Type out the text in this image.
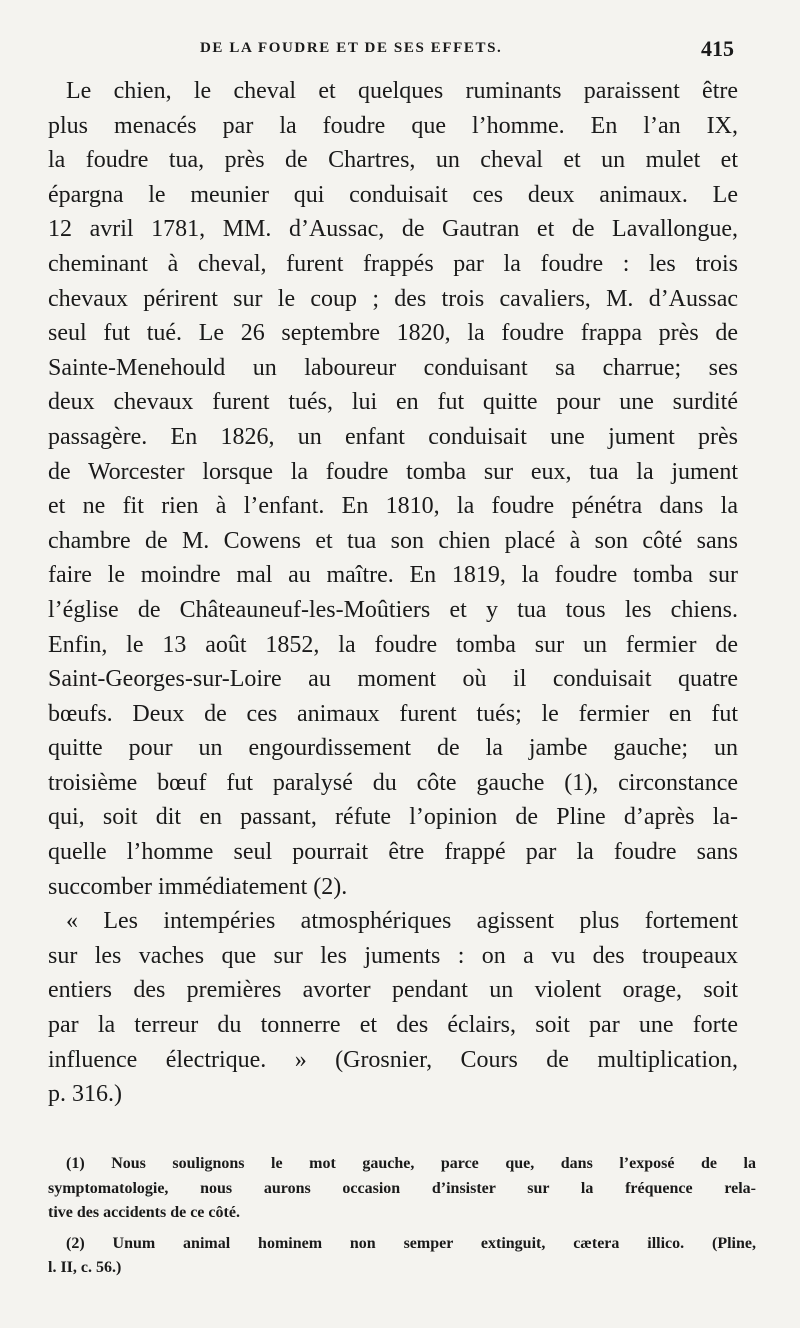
DE LA FOUDRE ET DE SES EFFETS.	415
Le chien, le cheval et quelques ruminants paraissent être
plus menacés par la foudre que l’homme. En l’an IX,
la foudre tua, près de Chartres, un cheval et un mulet et
épargna le meunier qui conduisait ces deux animaux. Le
12 avril 1781, MM. d’Aussac, de Gautran et de Lavallongue,
cheminant à cheval, furent frappés par la foudre : les trois
chevaux périrent sur le coup ; des trois cavaliers, M. d’Aussac
seul fut tué. Le 26 septembre 1820, la foudre frappa près de
Sainte-Menehould un laboureur conduisant sa charrue; ses
deux chevaux furent tués, lui en fut quitte pour une surdité
passagère. En 1826, un enfant conduisait une jument près
de Worcester lorsque la foudre tomba sur eux, tua la jument
et ne fit rien à l’enfant. En 1810, la foudre pénétra dans la
chambre de M. Cowens et tua son chien placé à son côté sans
faire le moindre mal au maître. En 1819, la foudre tomba sur
l’église de Châteauneuf-les-Moûtiers et y tua tous les chiens.
Enfin, le 13 août 1852, la foudre tomba sur un fermier de
Saint-Georges-sur-Loire au moment où il conduisait quatre
bœufs. Deux de ces animaux furent tués; le fermier en fut
quitte pour un engourdissement de la jambe gauche; un
troisième bœuf fut paralysé du côte gauche (1), circonstance
qui, soit dit en passant, réfute l’opinion de Pline d’après la-
quelle l’homme seul pourrait être frappé par la foudre sans
succomber immédiatement (2).
« Les intempéries atmosphériques agissent plus fortement
sur les vaches que sur les juments : on a vu des troupeaux
entiers des premières avorter pendant un violent orage, soit
par la terreur du tonnerre et des éclairs, soit par une forte
influence électrique. » (Grosnier, Cours de multiplication,
p. 316.)
(1) Nous soulignons le mot gauche, parce que, dans l’exposé de la
symptomatologie, nous aurons occasion d’insister sur la fréquence rela-
tive des accidents de ce côté.
(2) Unum animal hominem non semper extinguit, cætera illico. (Pline,
l. II, c. 56.)
